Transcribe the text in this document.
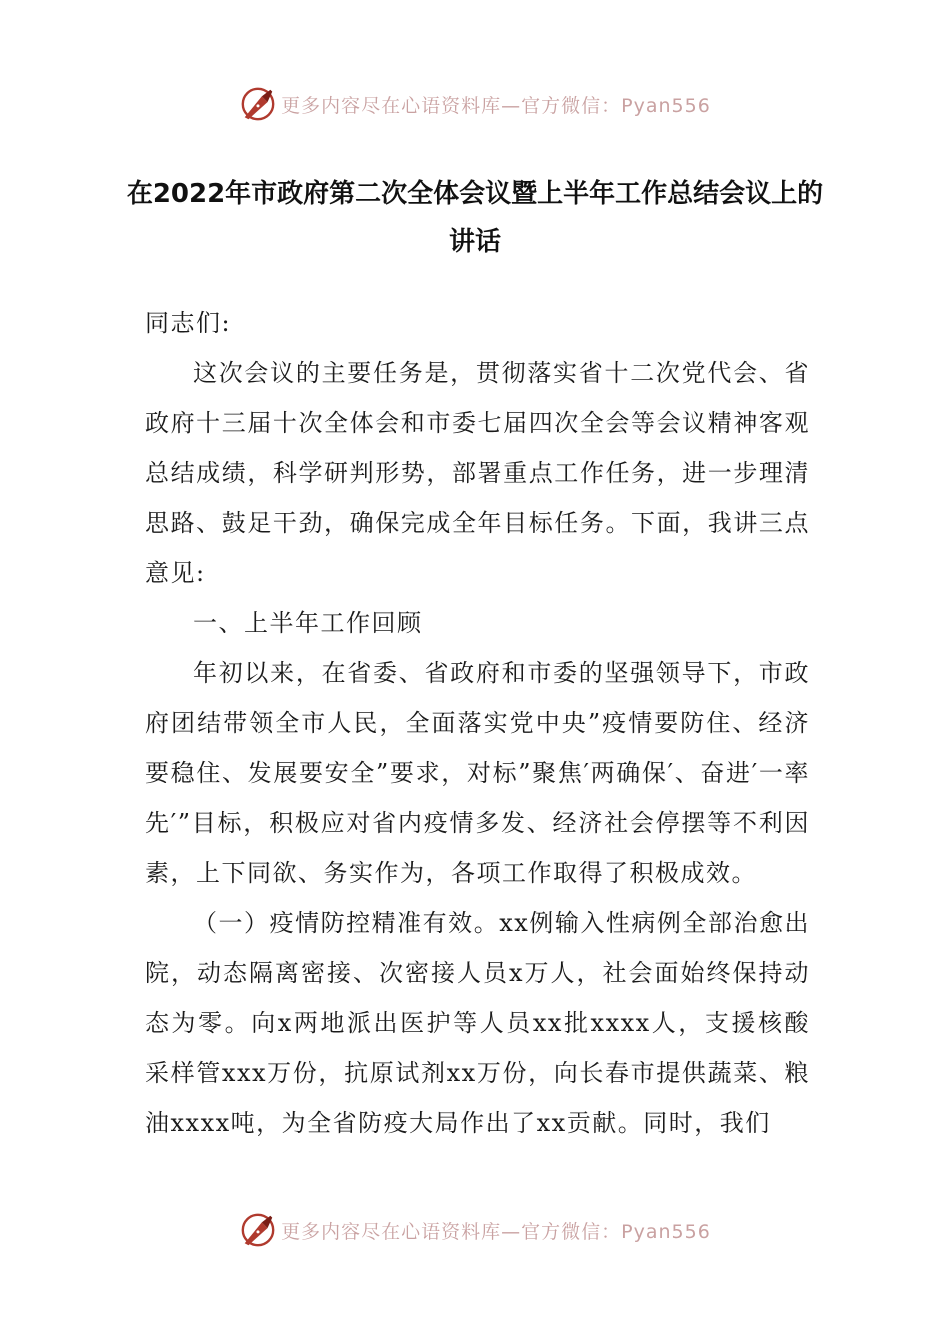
更多内容尽在心语资料库—官方微信：Pyan556
在2022年市政府第二次全体会议暨上半年工作总结会议上的讲话

同志们:

这次会议的主要任务是，贯彻落实省十二次党代会、省政府十三届十次全体会和市委七届四次全会等会议精神客观总结成绩，科学研判形势，部署重点工作任务，进一步理清思路、鼓足干劲，确保完成全年目标任务。下面，我讲三点意见:

一、上半年工作回顾

年初以来，在省委、省政府和市委的坚强领导下，市政府团结带领全市人民，全面落实党中央”疫情要防住、经济要稳住、发展要安全”要求，对标”聚焦′两确保′、奋进′一率先′”目标，积极应对省内疫情多发、经济社会停摆等不利因素，上下同欲、务实作为，各项工作取得了积极成效。

（一）疫情防控精准有效。xx例输入性病例全部治愈出院，动态隔离密接、次密接人员x万人，社会面始终保持动态为零。向x两地派出医护等人员xx批xxxx人，支援核酸采样管xxx万份，抗原试剂xx万份，向长春市提供蔬菜、粮油xxxx吨，为全省防疫大局作出了xx贡献。同时，我们

更多内容尽在心语资料库—官方微信：Pyan556
